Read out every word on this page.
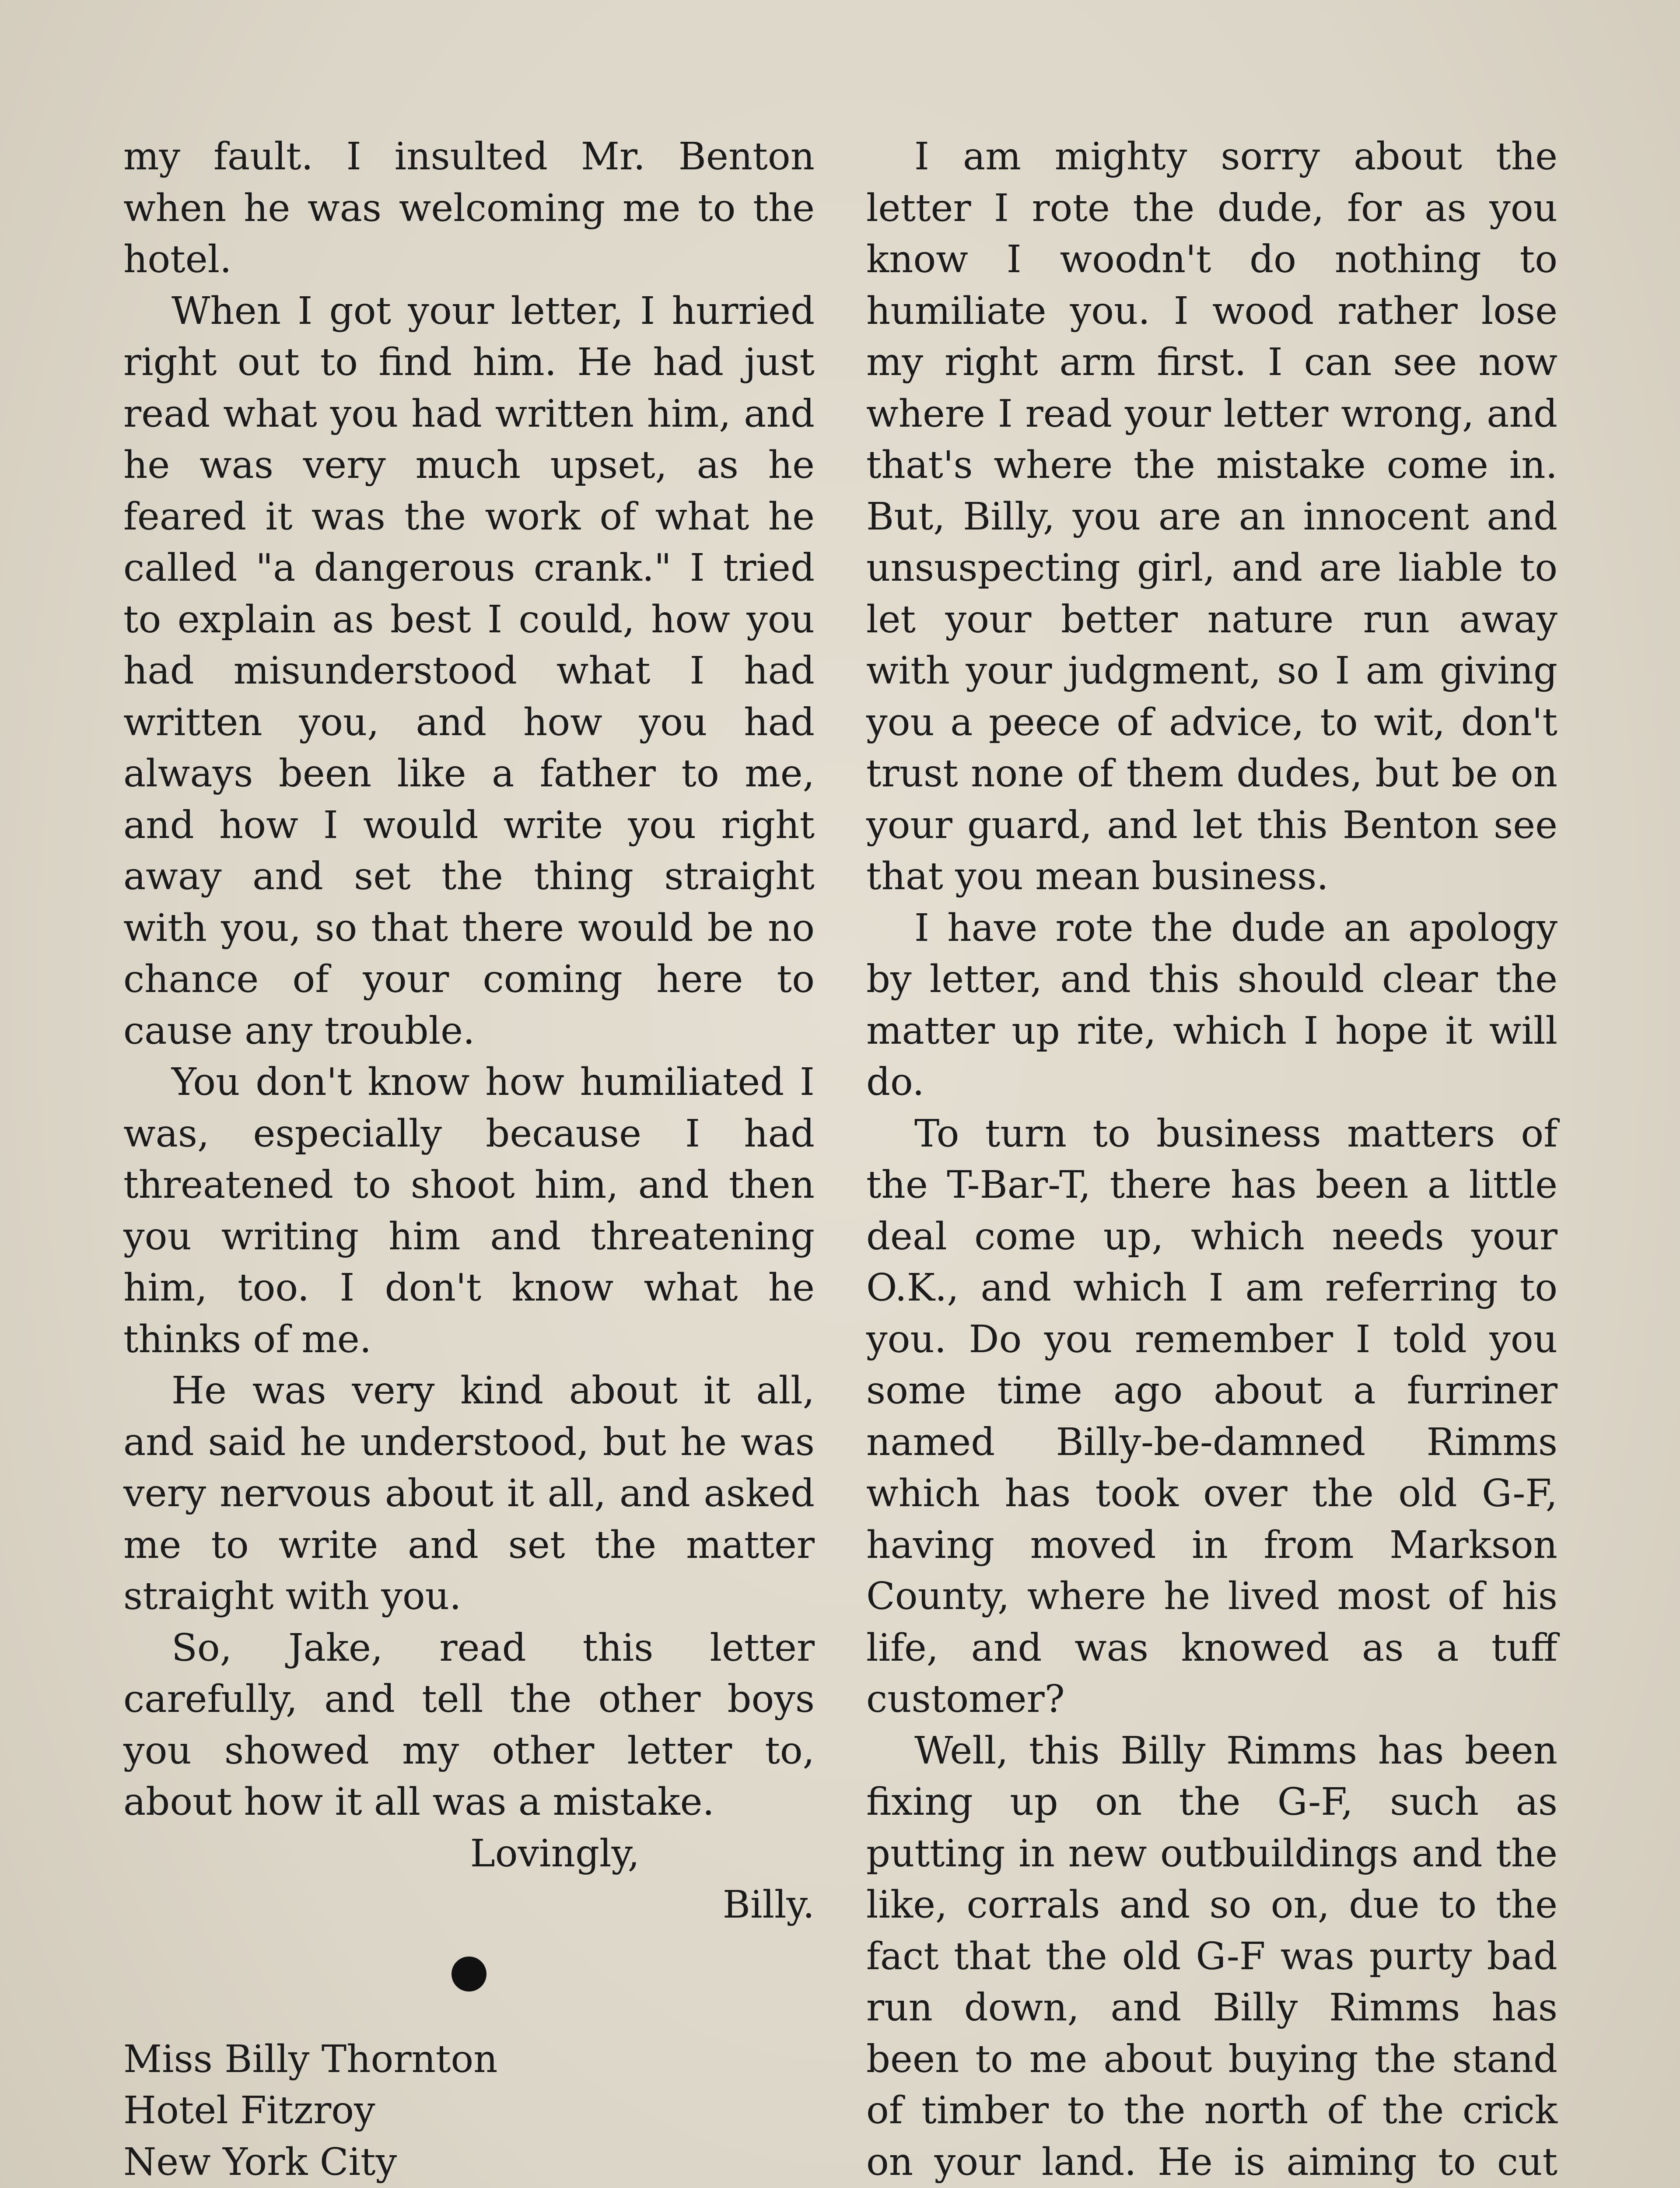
my fault. I insulted Mr. Benton when he was welcoming me to the hotel.

When I got your letter, I hurried right out to find him. He had just read what you had written him, and he was very much upset, as he feared it was the work of what he called "a dangerous crank." I tried to explain as best I could, how you had misunderstood what I had written you, and how you had always been like a father to me, and how I would write you right away and set the thing straight with you, so that there would be no chance of your coming here to cause any trouble.

You don't know how humiliated I was, especially because I had threatened to shoot him, and then you writing him and threatening him, too. I don't know what he thinks of me.

He was very kind about it all, and said he understood, but he was very nervous about it all, and asked me to write and set the matter straight with you.

So, Jake, read this letter carefully, and tell the other boys you showed my other letter to, about how it all was a mistake.

Lovingly,

Billy.

Miss Billy Thornton

Hotel Fitzroy

New York City

I am mighty sorry about the letter I rote the dude, for as you know I woodn't do nothing to humiliate you. I wood rather lose my right arm first. I can see now where I read your letter wrong, and that's where the mistake come in. But, Billy, you are an innocent and unsuspecting girl, and are liable to let your better nature run away with your judgment, so I am giving you a peece of advice, to wit, don't trust none of them dudes, but be on your guard, and let this Benton see that you mean business.

I have rote the dude an apology by letter, and this should clear the matter up rite, which I hope it will do.

To turn to business matters of the T-Bar-T, there has been a little deal come up, which needs your O.K., and which I am referring to you. Do you remember I told you some time ago about a furriner named Billy-be-damned Rimms which has took over the old G-F, having moved in from Markson County, where he lived most of his life, and was knowed as a tuff customer?

Well, this Billy Rimms has been fixing up on the G-F, such as putting in new outbuildings and the like, corrals and so on, due to the fact that the old G-F was purty bad run down, and Billy Rimms has been to me about buying the stand of timber to the north of the crick on your land. He is aiming to cut
